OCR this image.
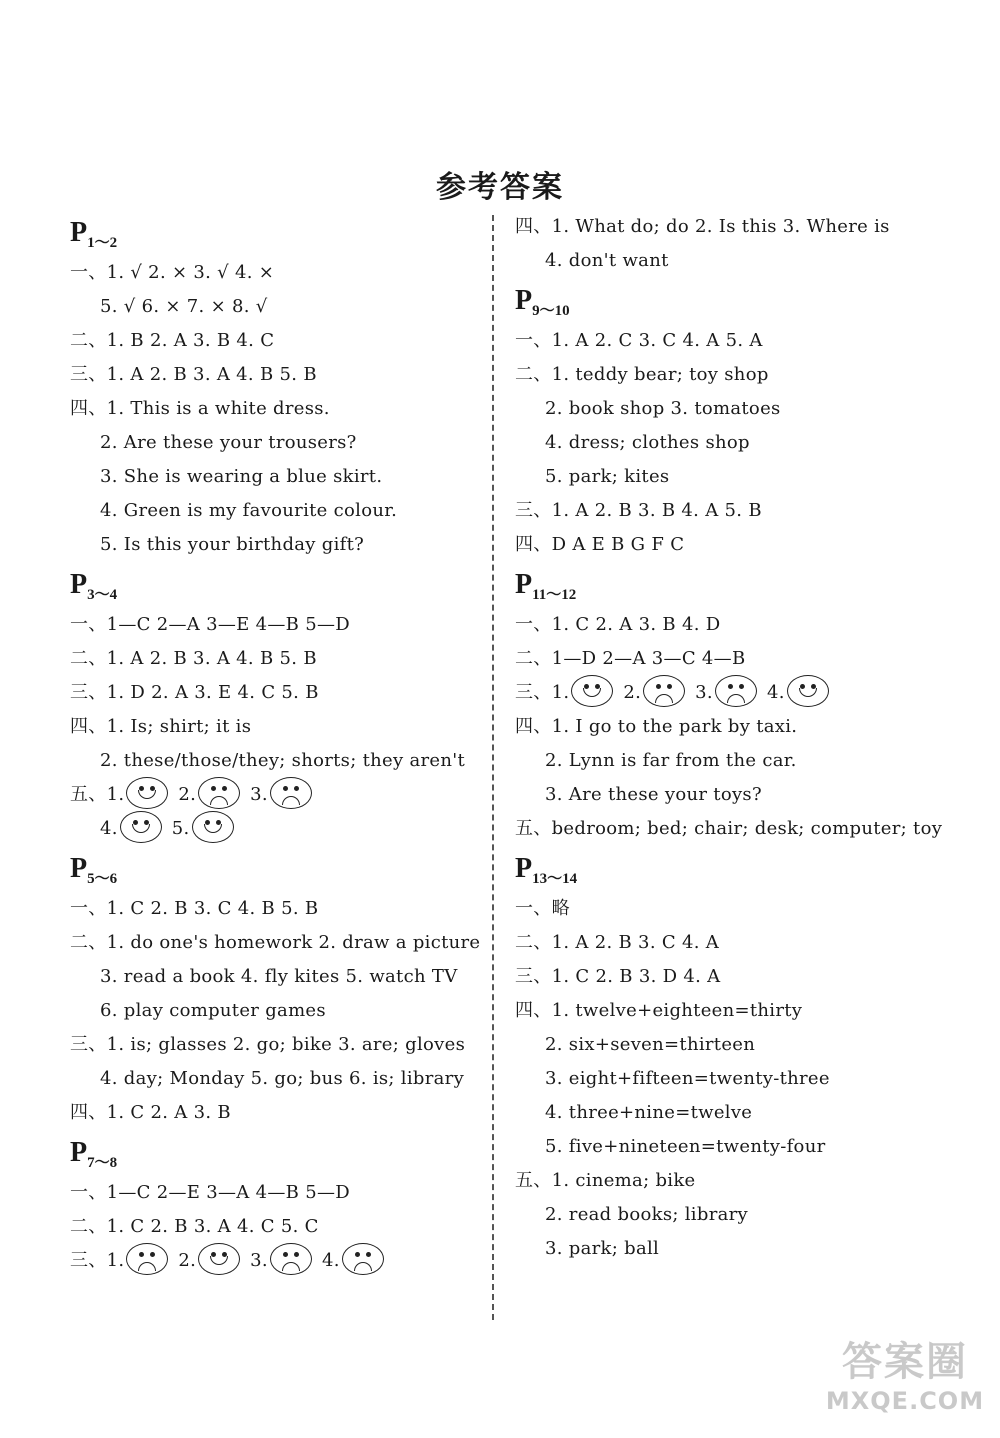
参考答案
$P_{1\sim 2}$
一、1. √ 2. × 3. √ 4. ×
5. √ 6. × 7. × 8. √
二、1. B 2. A 3. B 4. C
三、1. A 2. B 3. A 4. B 5. B
四、1. This is a white dress.
2. Are these your trousers?
3. She is wearing a blue skirt.
4. Green is my favourite colour.
5. Is this your birthday gift?
$P_{3\sim 4}$
一、1—C 2—A 3—E 4—B 5—D
二、1. A 2. B 3. A 4. B 5. B
三、1. D 2. A 3. E 4. C 5. B
四、1. Is; shirt; it is
2. these/those/they; shorts; they aren't
五、1.	2.	3.
4.	5.
$P_{5\sim 6}$
一、1. C 2. B 3. C 4. B 5. B
二、1. do one's homework 2. draw a picture
3. read a book 4. fly kites 5. watch TV
6. play computer games
三、1. is; glasses 2. go; bike 3. are; gloves
4. day; Monday 5. go; bus 6. is; library
四、1. C 2. A 3. B
$P_{7\sim 8}$
一、1—C 2—E 3—A 4—B 5—D
二、1. C 2. B 3. A 4. C 5. C
三、1.	2.	3.	4.
四、1. What do; do 2. Is this 3. Where is
4. don't want
$P_{9\sim 10}$
一、1. A 2. C 3. C 4. A 5. A
二、1. teddy bear; toy shop
2. book shop 3. tomatoes
4. dress; clothes shop
5. park; kites
三、1. A 2. B 3. B 4. A 5. B
四、D A E B G F C
$P_{11\sim 12}$
一、1. C 2. A 3. B 4. D
二、1—D 2—A 3—C 4—B
三、1.	2.	3.	4.
四、1. I go to the park by taxi.
2. Lynn is far from the car.
3. Are these your toys?
五、bedroom; bed; chair; desk; computer; toy
$P_{13\sim 14}$
一、略
二、1. A 2. B 3. C 4. A
三、1. C 2. B 3. D 4. A
四、1. twelve+eighteen=thirty
2. six+seven=thirteen
3. eight+fifteen=twenty-three
4. three+nine=twelve
5. five+nineteen=twenty-four
五、1. cinema; bike
2. read books; library
3. park; ball
答案圈
MXQE.COM
